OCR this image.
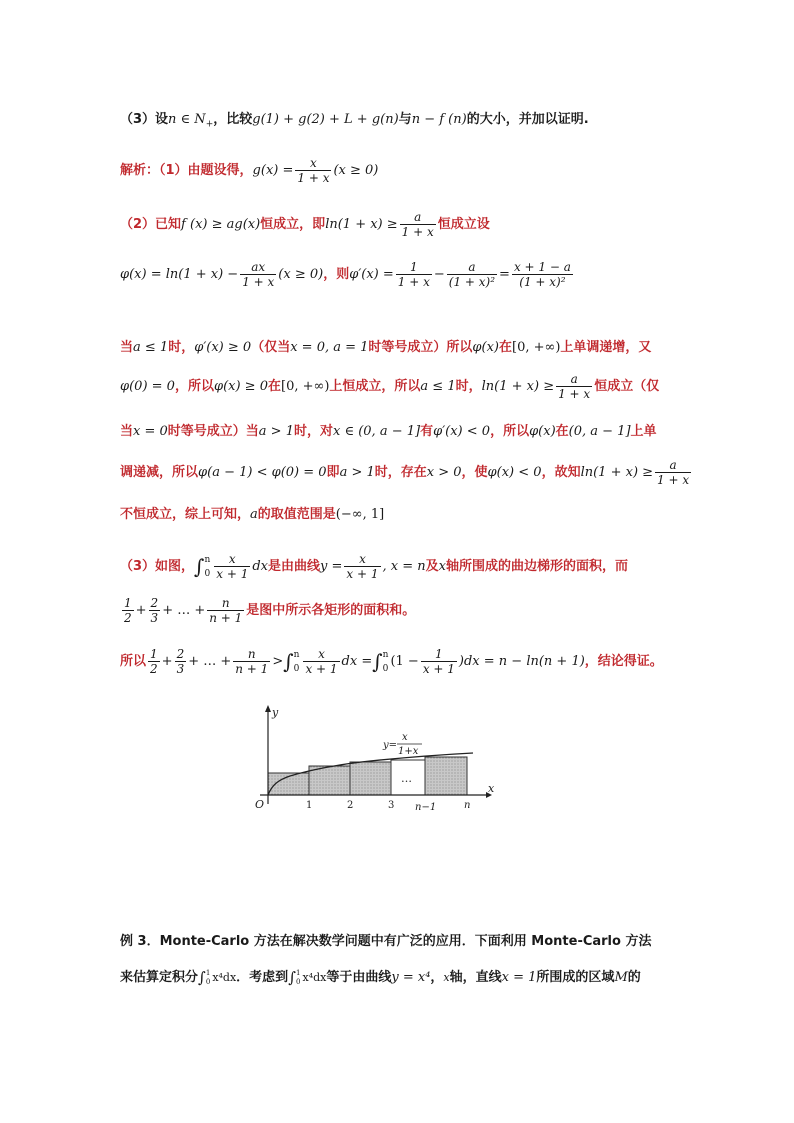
（3）设n ∈ $N_+$，比较g(1) + g(2) + L + g(n)与n − f (n)的大小，并加以证明.
解析：（1）由题设得，$g(x) = \frac{x}{1 + x} (x \ge 0)$
（2）已知f (x) ≥ ag(x)恒成立，即$\ln(1 + x) \ge \frac{a}{1 + x}$ 恒成立设
$\varphi(x) = \ln(1 + x) - \frac{ax}{1 + x} (x \ge 0)$，则$\varphi'(x) = \frac{1}{1 + x} - \frac{a}{\text{(1 + x)²}} = \frac{x + 1 - a}{\text{(1 + x)²}}$
当a ≤ 1时，φ′(x) ≥ 0（仅当x = 0, a = 1时等号成立）所以φ(x)在[0, +∞)上单调递增，又
φ(0) = 0，所以φ(x) ≥ 0在[0, +∞)上恒成立，所以a ≤ 1时，$\ln(1 + x) \ge \frac{a}{1 + x}$ 恒成立（仅
当x = 0时等号成立）当a > 1时，对x ∈ (0, a − 1]有φ′(x) < 0，所以φ(x)在(0, a − 1]上单
调递减，所以φ(a − 1) < φ(0) = 0即a > 1时，存在x > 0，使φ(x) < 0，故知$\ln(1 + x) \ge \frac{a}{1 + x}$
不恒成立，综上可知，a的取值范围是(−∞, 1]
（3）如图，∫ n
$0 \frac{x}{x + 1}$ dx是由曲线$y = \frac{x}{x + 1}$ , x = n及x轴所围成的曲边梯形的面积，而
$\frac{1}{2} + \frac{2}{3}$ + … + $\frac{n}{n + 1}$ 是图中所示各矩形的面积和。
所以 $\frac{1}{2} + \frac{2}{3}$ + … + $\frac{n}{n + 1}$ >∫ n
$0 \frac{x}{x + 1}$ dx =∫ n
0 $(1 - \frac{1}{x + 1} )dx = n - \ln(n + 1)$，结论得证。
y
x
O	1	2	3 n−1	n
…
y=
x
1+x
例 3．Monte-Carlo 方法在解决数学问题中有广泛的应用．下面利用 Monte-Carlo 方法
来估算定积分∫ 1
0 x⁴dx．考虑到∫ 1
0 x⁴dx等于由曲线y = x⁴，x轴，直线x = 1所围成的区域M的
